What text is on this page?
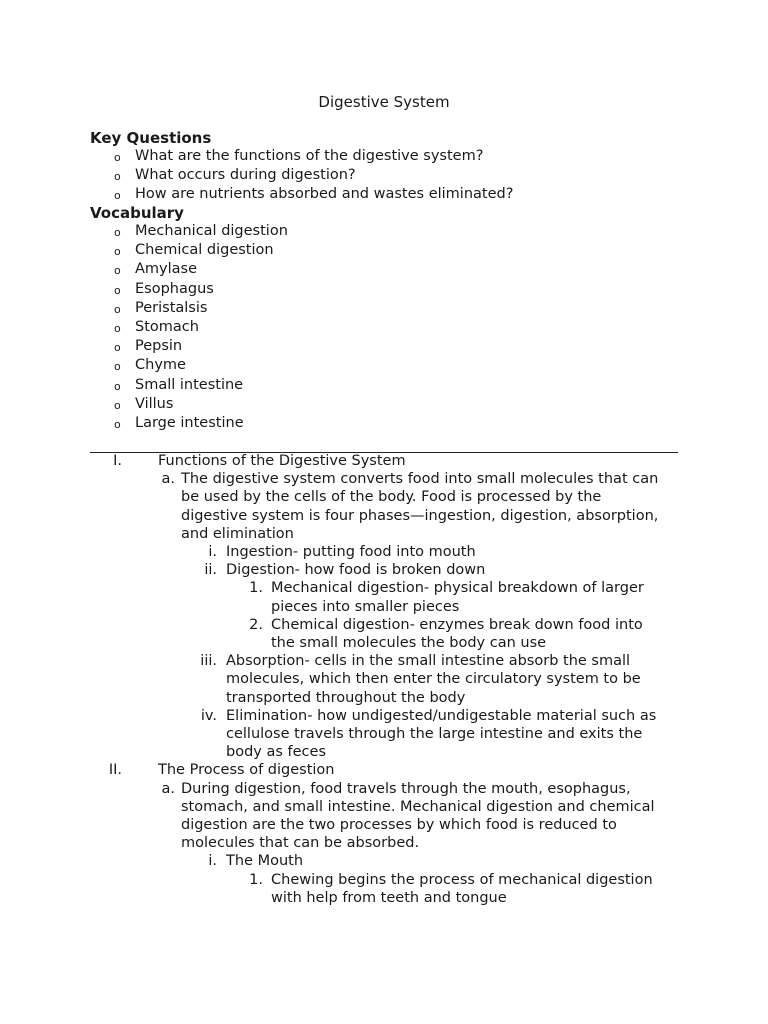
Digestive System
Key Questions
o What are the functions of the digestive system?
o What occurs during digestion?
o How are nutrients absorbed and wastes eliminated?
Vocabulary
o Mechanical digestion
o Chemical digestion
o Amylase
o Esophagus
o Peristalsis
o Stomach
o Pepsin
o Chyme
o Small intestine
o Villus
o Large intestine
I. Functions of the Digestive System
a. The digestive system converts food into small molecules that can
be used by the cells of the body. Food is processed by the
digestive system is four phases—ingestion, digestion, absorption,
and elimination
i. Ingestion- putting food into mouth
ii. Digestion- how food is broken down
1. Mechanical digestion- physical breakdown of larger
pieces into smaller pieces
2. Chemical digestion- enzymes break down food into
the small molecules the body can use
iii. Absorption- cells in the small intestine absorb the small
molecules, which then enter the circulatory system to be
transported throughout the body
iv. Elimination- how undigested/undigestable material such as
cellulose travels through the large intestine and exits the
body as feces
II. The Process of digestion
a. During digestion, food travels through the mouth, esophagus,
stomach, and small intestine. Mechanical digestion and chemical
digestion are the two processes by which food is reduced to
molecules that can be absorbed.
i. The Mouth
1. Chewing begins the process of mechanical digestion
with help from teeth and tongue
